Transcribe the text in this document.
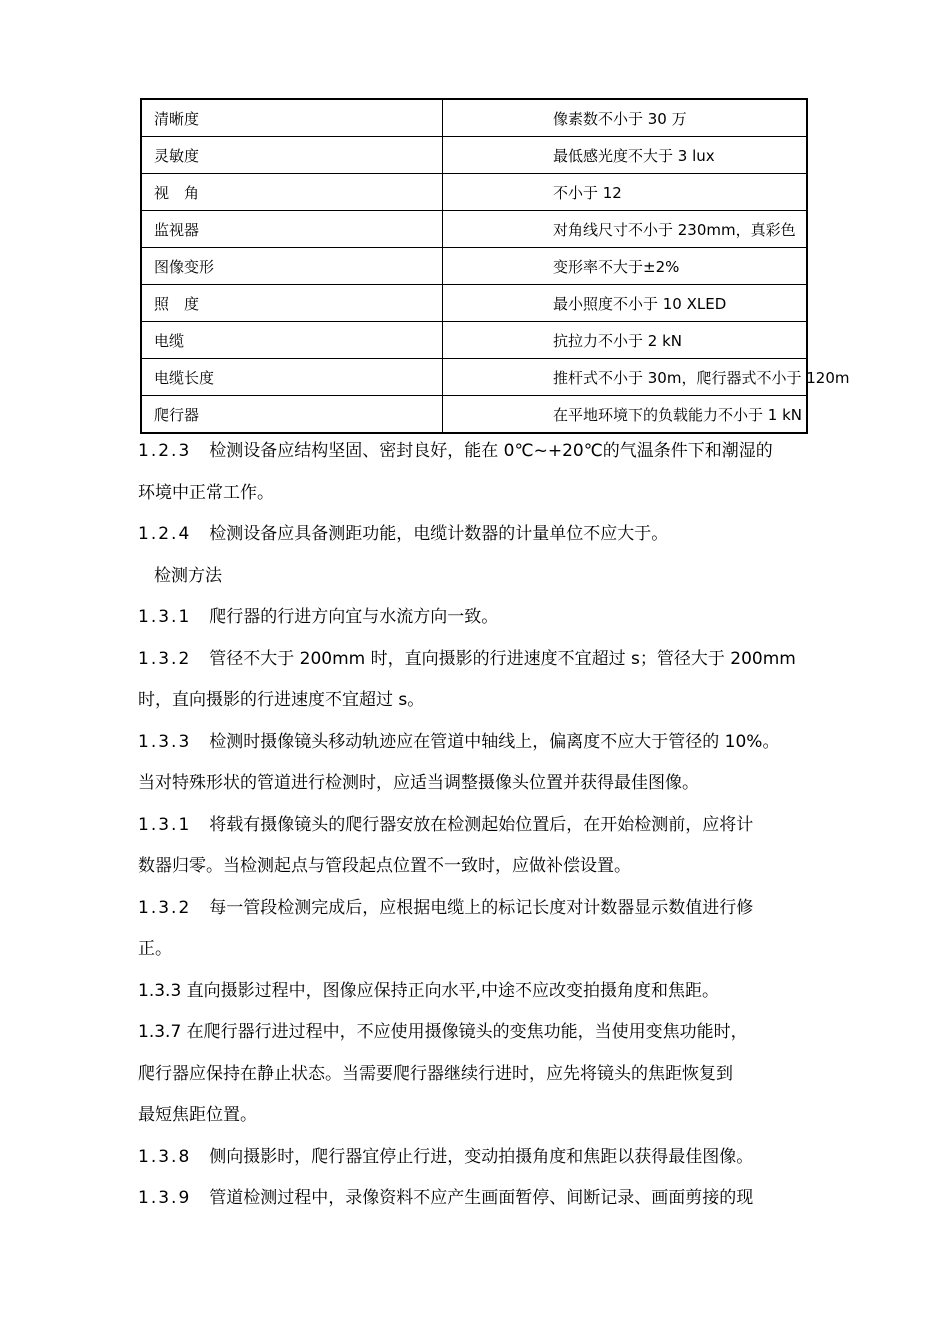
清晰度	像素数不小于 30 万
灵敏度	最低感光度不大于 3 lux
视　角	不小于 12
监视器	对角线尺寸不小于 230mm，真彩色
图像变形	变形率不大于±2%
照　度	最小照度不小于 10 XLED
电缆	抗拉力不小于 2 kN
电缆长度	推杆式不小于 30m，爬行器式不小于 120m
爬行器	在平地环境下的负载能力不小于 1 kN

1.2.3 检测设备应结构坚固、密封良好，能在 0℃~+20℃的气温条件下和潮湿的

环境中正常工作。

1.2.4 检测设备应具备测距功能，电缆计数器的计量单位不应大于。

检测方法

1.3.1 爬行器的行进方向宜与水流方向一致。

1.3.2 管径不大于 200mm 时，直向摄影的行进速度不宜超过 s；管径大于 200mm

时，直向摄影的行进速度不宜超过 s。

1.3.3 检测时摄像镜头移动轨迹应在管道中轴线上，偏离度不应大于管径的 10%。

当对特殊形状的管道进行检测时，应适当调整摄像头位置并获得最佳图像。

1.3.1 将载有摄像镜头的爬行器安放在检测起始位置后，在开始检测前，应将计

数器归零。当检测起点与管段起点位置不一致时，应做补偿设置。

1.3.2 每一管段检测完成后，应根据电缆上的标记长度对计数器显示数值进行修

正。

1.3.3 直向摄影过程中，图像应保持正向水平,中途不应改变拍摄角度和焦距。

1.3.7 在爬行器行进过程中，不应使用摄像镜头的变焦功能，当使用变焦功能时，

爬行器应保持在静止状态。当需要爬行器继续行进时，应先将镜头的焦距恢复到

最短焦距位置。

1.3.8 侧向摄影时，爬行器宜停止行进，变动拍摄角度和焦距以获得最佳图像。

1.3.9 管道检测过程中，录像资料不应产生画面暂停、间断记录、画面剪接的现
